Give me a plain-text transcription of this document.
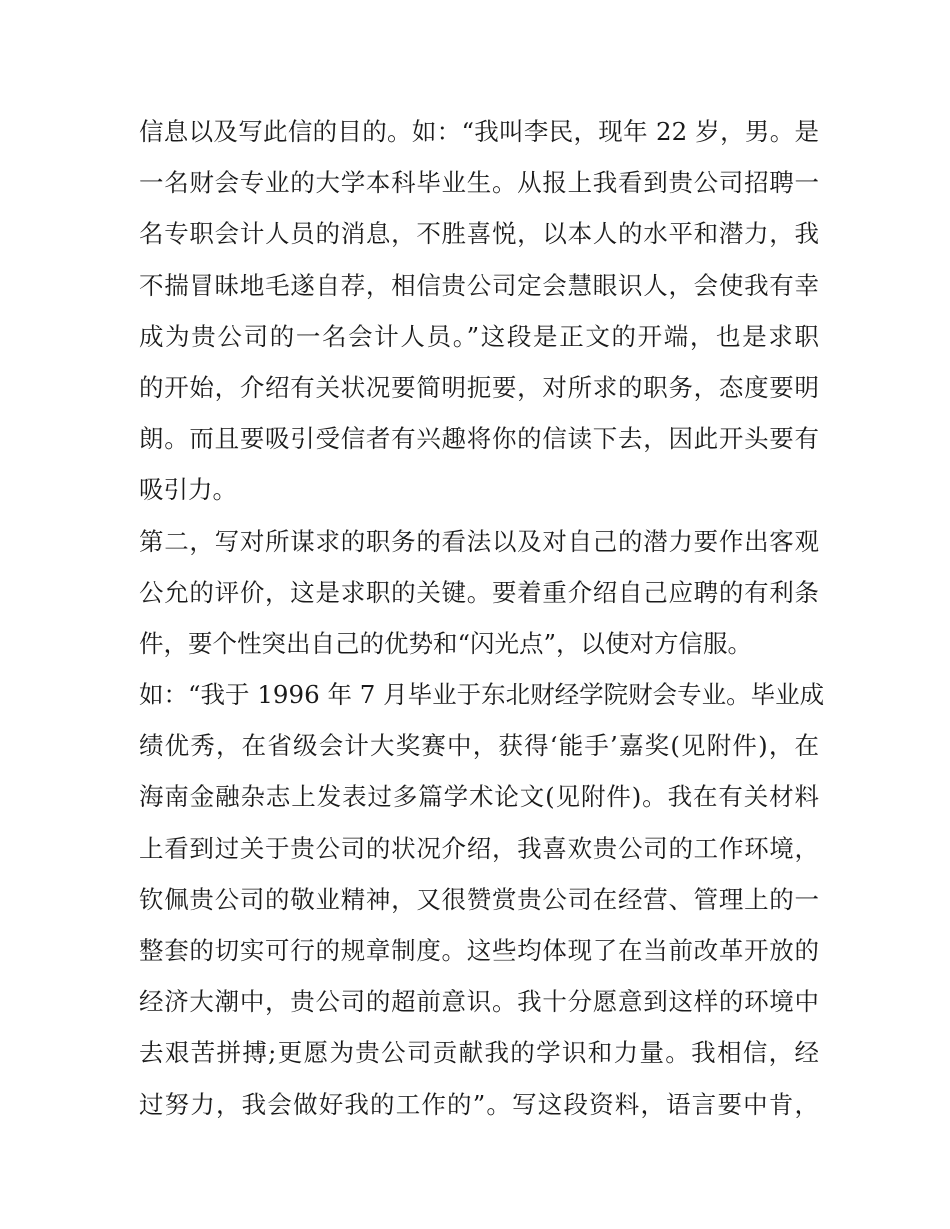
信息以及写此信的目的。如：“我叫李民，现年 22 岁，男。是
一名财会专业的大学本科毕业生。从报上我看到贵公司招聘一
名专职会计人员的消息，不胜喜悦，以本人的水平和潜力，我
不揣冒昧地毛遂自荐，相信贵公司定会慧眼识人，会使我有幸
成为贵公司的一名会计人员。”这段是正文的开端，也是求职
的开始，介绍有关状况要简明扼要，对所求的职务，态度要明
朗。而且要吸引受信者有兴趣将你的信读下去，因此开头要有
吸引力。
第二，写对所谋求的职务的看法以及对自己的潜力要作出客观
公允的评价，这是求职的关键。要着重介绍自己应聘的有利条
件，要个性突出自己的优势和“闪光点”，以使对方信服。
如：“我于 1996 年 7 月毕业于东北财经学院财会专业。毕业成
绩优秀，在省级会计大奖赛中，获得‘能手’嘉奖(见附件)，在
海南金融杂志上发表过多篇学术论文(见附件)。我在有关材料
上看到过关于贵公司的状况介绍，我喜欢贵公司的工作环境，
钦佩贵公司的敬业精神，又很赞赏贵公司在经营、管理上的一
整套的切实可行的规章制度。这些均体现了在当前改革开放的
经济大潮中，贵公司的超前意识。我十分愿意到这样的环境中
去艰苦拼搏;更愿为贵公司贡献我的学识和力量。我相信，经
过努力，我会做好我的工作的”。写这段资料，语言要中肯，
